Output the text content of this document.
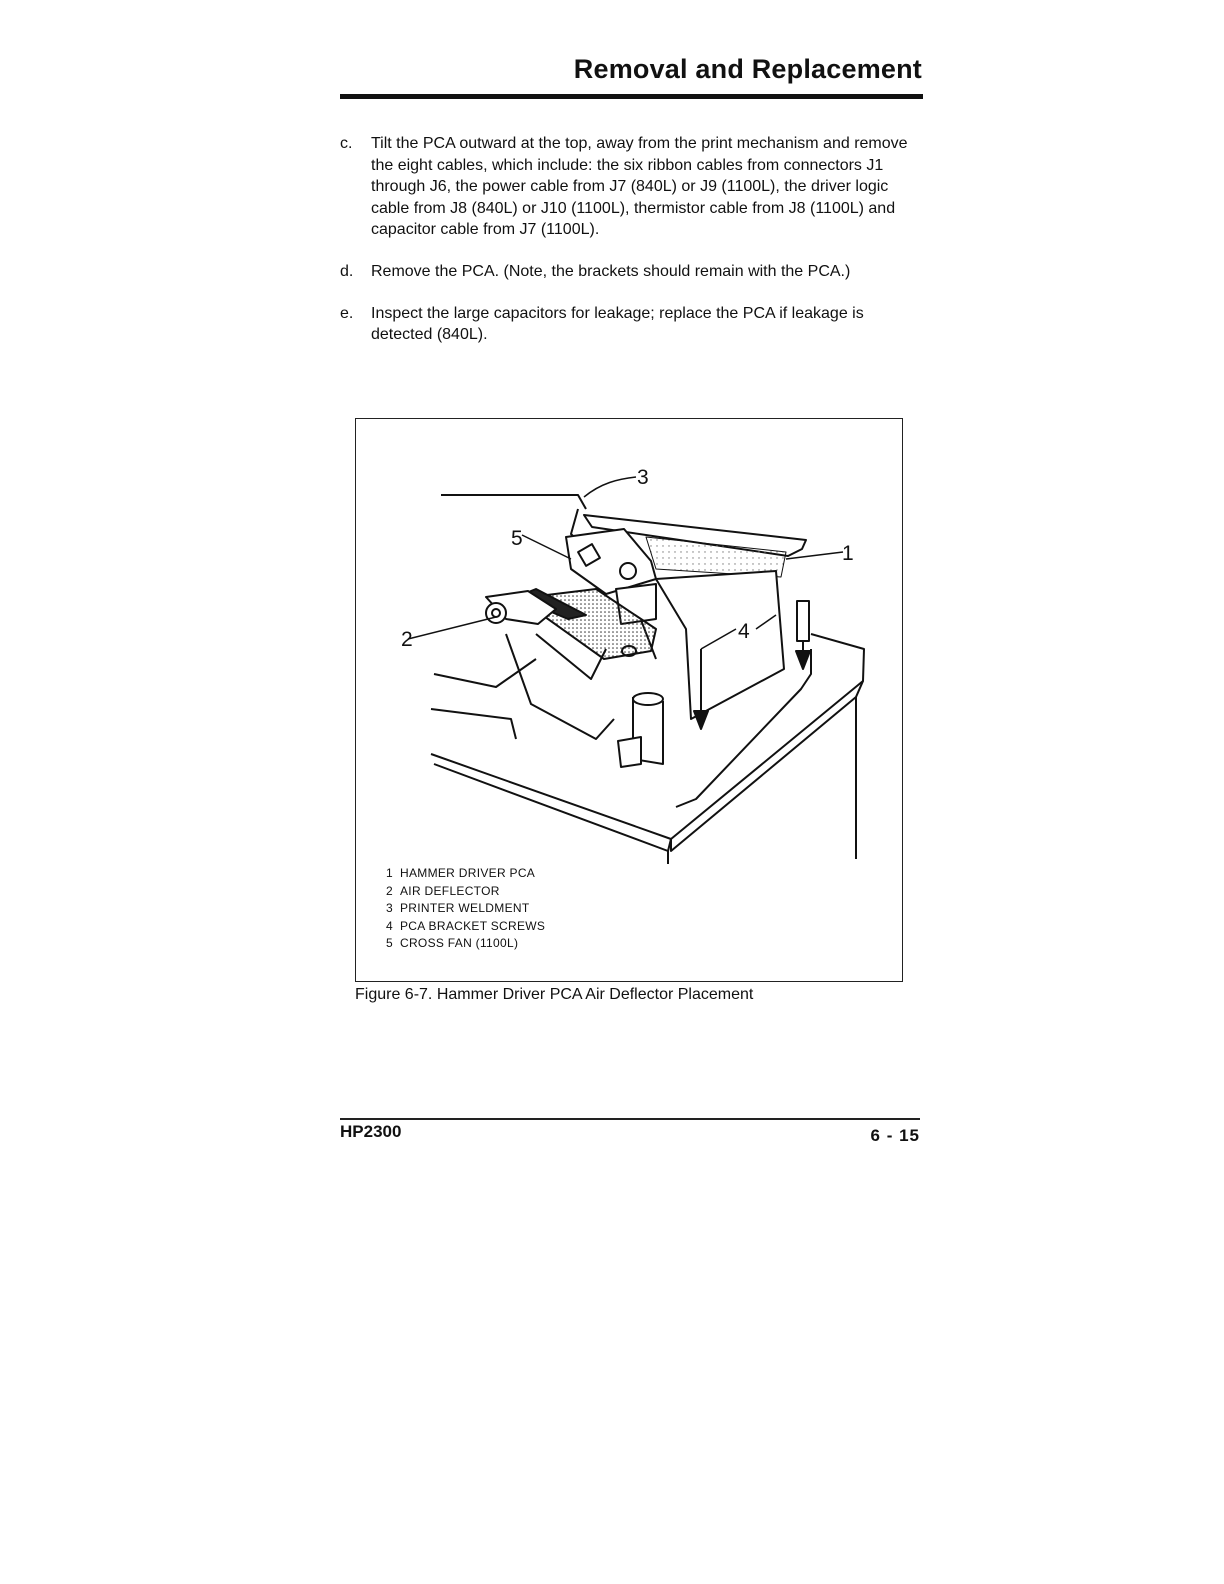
Removal and Replacement
c. Tilt the PCA outward at the top, away from the print mechanism and remove the eight cables, which include: the six ribbon cables from connectors J1 through J6, the power cable from J7 (840L) or J9 (1100L), the driver logic cable from J8 (840L) or J10 (1100L), thermistor cable from J8 (1100L) and capacitor cable from J7 (1100L).
d. Remove the PCA. (Note, the brackets should remain with the PCA.)
e. Inspect the large capacitors for leakage; replace the PCA if leakage is detected (840L).
3
5
1
2	4
1 HAMMER DRIVER PCA
2 AIR DEFLECTOR
3 PRINTER WELDMENT
4 PCA BRACKET SCREWS
5 CROSS FAN (1100L)
Figure 6-7. Hammer Driver PCA Air Deflector Placement
HP2300	6 - 15
